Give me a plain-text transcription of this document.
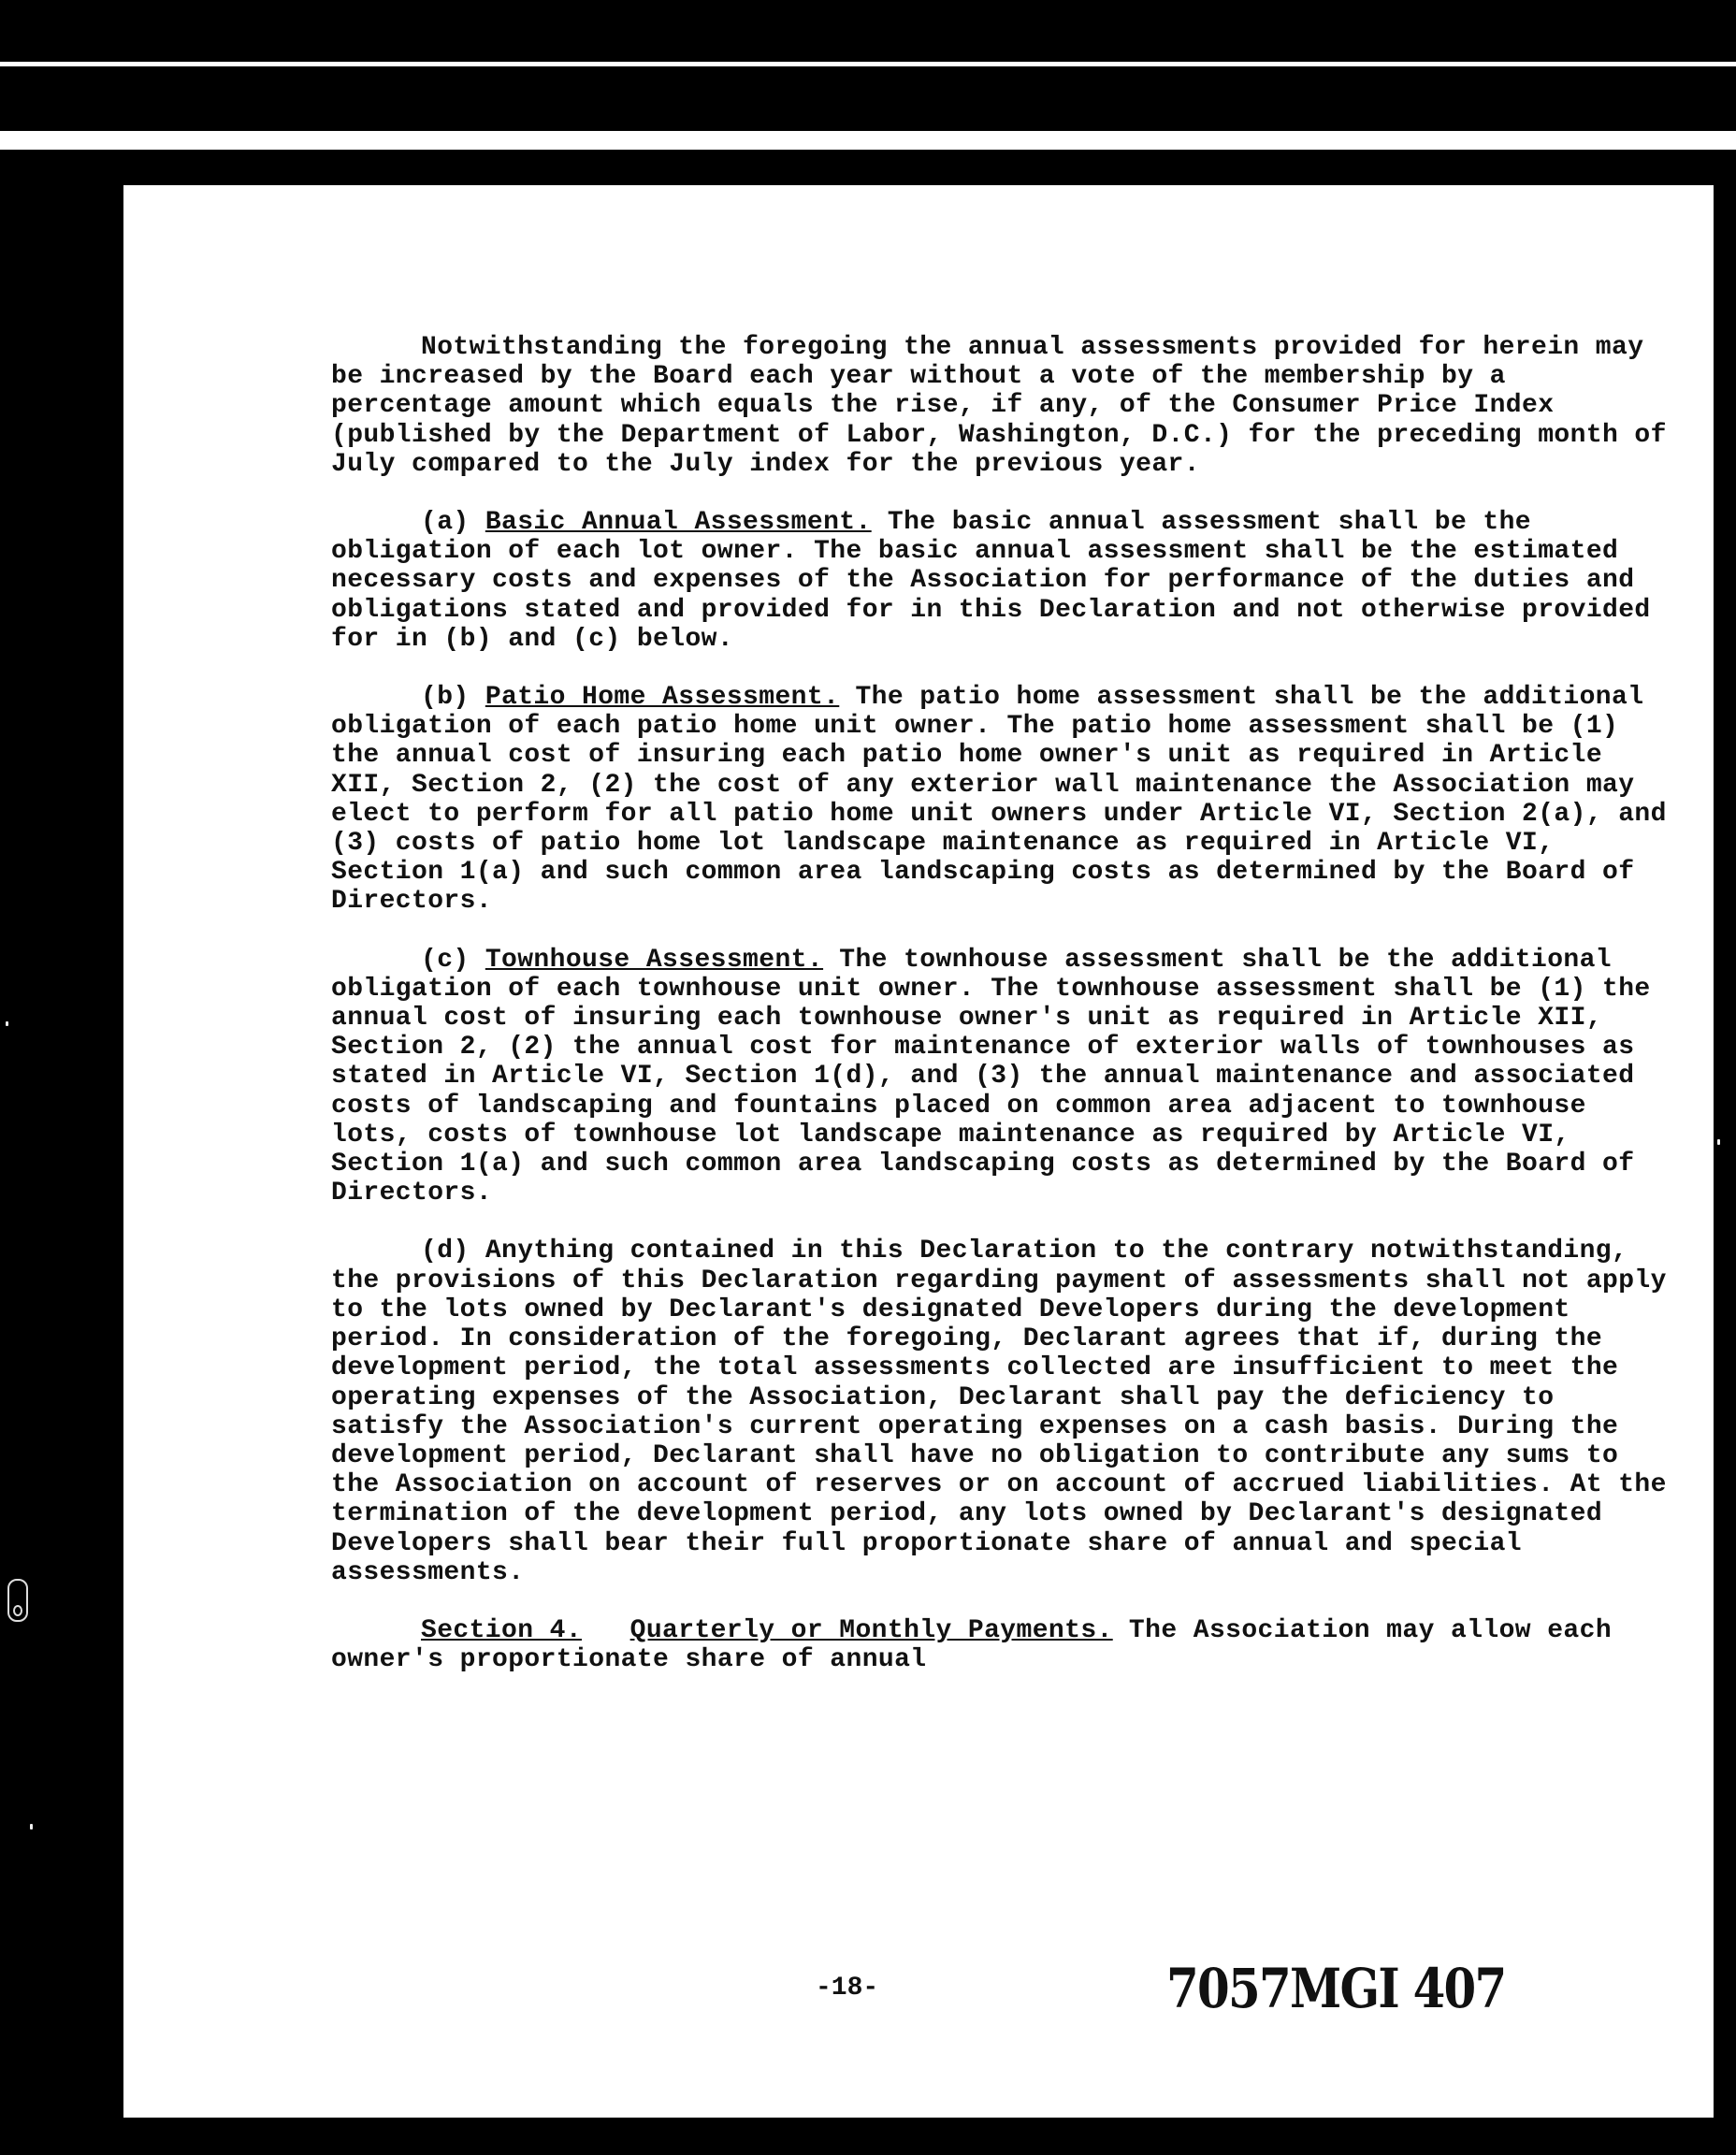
Notwithstanding the foregoing the annual assessments provided for herein may be increased by the Board each year without a vote of the membership by a percentage amount which equals the rise, if any, of the Consumer Price Index (published by the Department of Labor, Washington, D.C.) for the preceding month of July compared to the July index for the previous year.

(a) Basic Annual Assessment. The basic annual assessment shall be the obligation of each lot owner. The basic annual assessment shall be the estimated necessary costs and expenses of the Association for performance of the duties and obligations stated and provided for in this Declaration and not otherwise provided for in (b) and (c) below.

(b) Patio Home Assessment. The patio home assessment shall be the additional obligation of each patio home unit owner. The patio home assessment shall be (1) the annual cost of insuring each patio home owner's unit as required in Article XII, Section 2, (2) the cost of any exterior wall maintenance the Association may elect to perform for all patio home unit owners under Article VI, Section 2(a), and (3) costs of patio home lot landscape maintenance as required in Article VI, Section 1(a) and such common area landscaping costs as determined by the Board of Directors.

(c) Townhouse Assessment. The townhouse assessment shall be the additional obligation of each townhouse unit owner. The townhouse assessment shall be (1) the annual cost of insuring each townhouse owner's unit as required in Article XII, Section 2, (2) the annual cost for maintenance of exterior walls of townhouses as stated in Article VI, Section 1(d), and (3) the annual maintenance and associated costs of landscaping and fountains placed on common area adjacent to townhouse lots, costs of townhouse lot landscape maintenance as required by Article VI, Section 1(a) and such common area landscaping costs as determined by the Board of Directors.

(d) Anything contained in this Declaration to the contrary notwithstanding, the provisions of this Declaration regarding payment of assessments shall not apply to the lots owned by Declarant's designated Developers during the development period. In consideration of the foregoing, Declarant agrees that if, during the development period, the total assessments collected are insufficient to meet the operating expenses of the Association, Declarant shall pay the deficiency to satisfy the Association's current operating expenses on a cash basis. During the development period, Declarant shall have no obligation to contribute any sums to the Association on account of reserves or on account of accrued liabilities. At the termination of the development period, any lots owned by Declarant's designated Developers shall bear their full proportionate share of annual and special assessments.

Section 4. Quarterly or Monthly Payments. The Association may allow each owner's proportionate share of annual

-18-	7057MGI 407
